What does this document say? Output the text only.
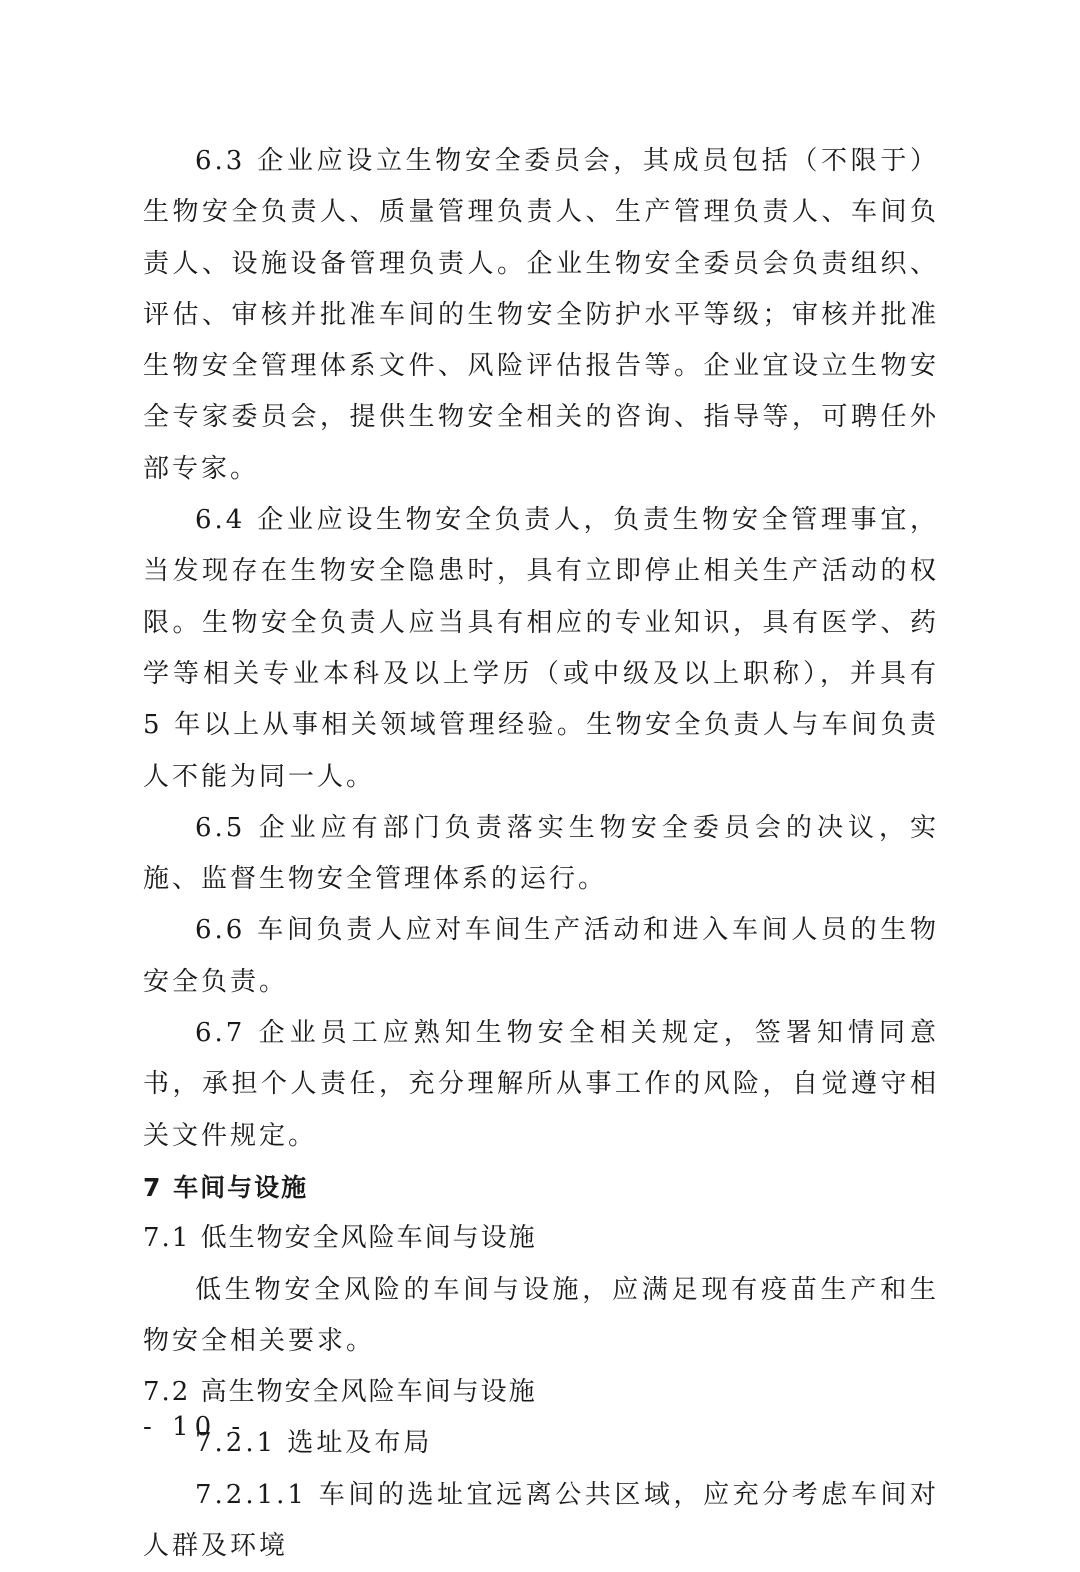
6.3 企业应设立生物安全委员会，其成员包括（不限于）生物安全负责人、质量管理负责人、生产管理负责人、车间负责人、设施设备管理负责人。企业生物安全委员会负责组织、评估、审核并批准车间的生物安全防护水平等级；审核并批准生物安全管理体系文件、风险评估报告等。企业宜设立生物安全专家委员会，提供生物安全相关的咨询、指导等，可聘任外部专家。

6.4 企业应设生物安全负责人，负责生物安全管理事宜，当发现存在生物安全隐患时，具有立即停止相关生产活动的权限。生物安全负责人应当具有相应的专业知识，具有医学、药学等相关专业本科及以上学历（或中级及以上职称），并具有 5 年以上从事相关领域管理经验。生物安全负责人与车间负责人不能为同一人。

6.5 企业应有部门负责落实生物安全委员会的决议，实施、监督生物安全管理体系的运行。

6.6 车间负责人应对车间生产活动和进入车间人员的生物安全负责。

6.7 企业员工应熟知生物安全相关规定，签署知情同意书，承担个人责任，充分理解所从事工作的风险，自觉遵守相关文件规定。

7 车间与设施

7.1 低生物安全风险车间与设施

低生物安全风险的车间与设施，应满足现有疫苗生产和生物安全相关要求。

7.2 高生物安全风险车间与设施

7.2.1 选址及布局

7.2.1.1 车间的选址宜远离公共区域，应充分考虑车间对人群及环境

- 10 -
